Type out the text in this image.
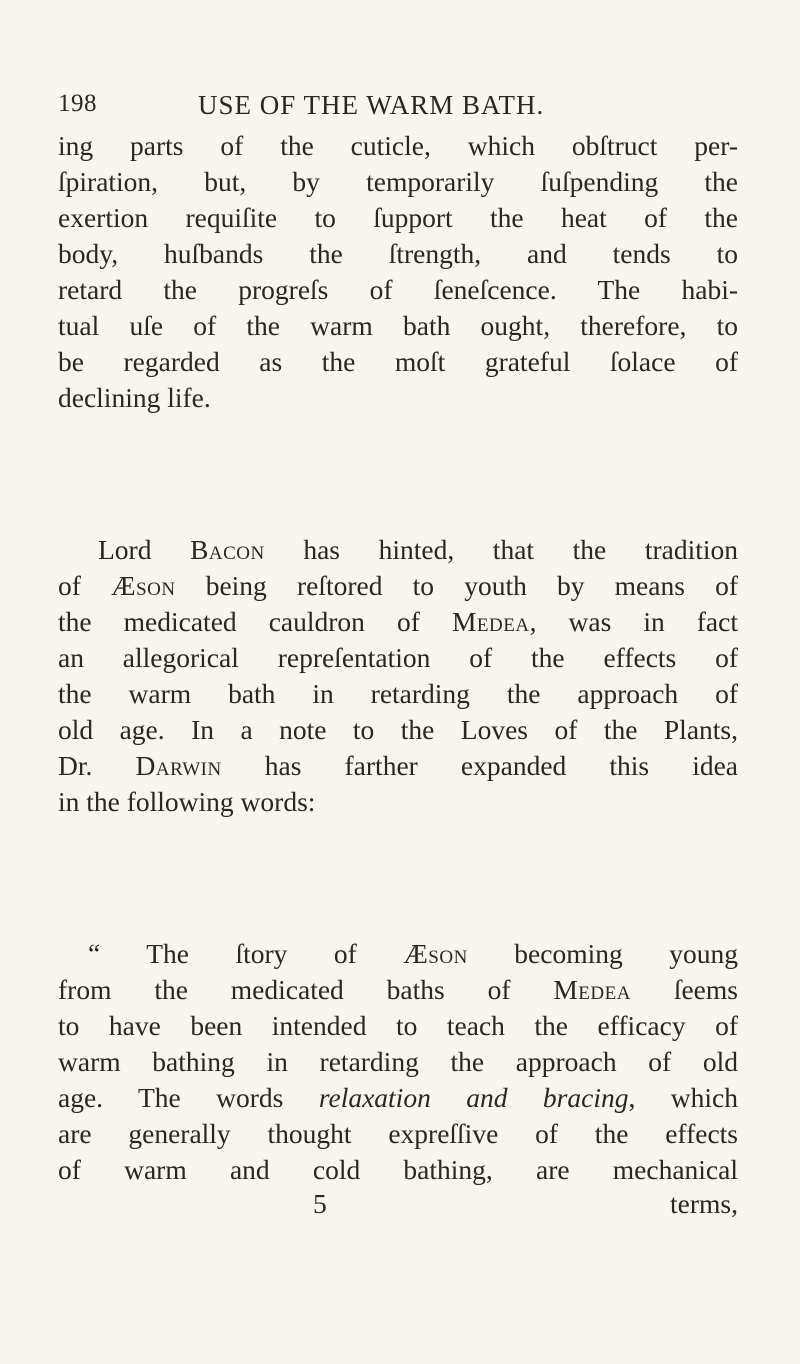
198	USE OF THE WARM BATH.
ing parts of the cuticle, which obſtruct per-
ſpiration, but, by temporarily ſuſpending the
exertion requiſite to ſupport the heat of the
body, huſbands the ſtrength, and tends to
retard the progreſs of ſeneſcence. The habi-
tual uſe of the warm bath ought, therefore, to
be regarded as the moſt grateful ſolace of
declining life.
Lord Bacon has hinted, that the tradition
of Æson being reſtored to youth by means of
the medicated cauldron of Medea, was in fact
an allegorical repreſentation of the effects of
the warm bath in retarding the approach of
old age. In a note to the Loves of the Plants,
Dr. Darwin has farther expanded this idea
in the following words:
“ The ſtory of Æson becoming young
from the medicated baths of Medea ſeems
to have been intended to teach the efficacy of
warm bathing in retarding the approach of old
age. The words relaxation and bracing, which
are generally thought expreſſive of the effects
of warm and cold bathing, are mechanical
5	terms,
